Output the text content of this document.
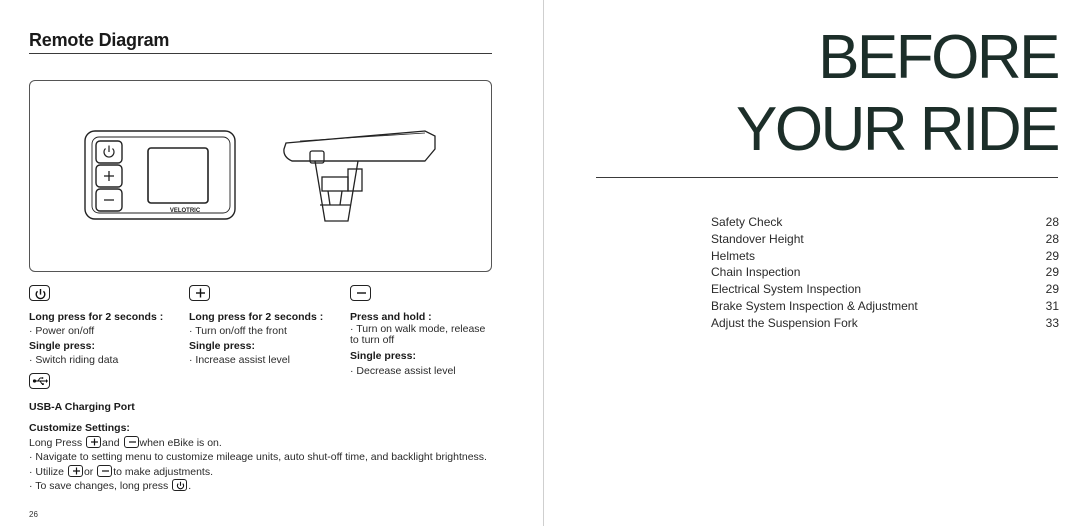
Remote Diagram
VELOTRIC
Long press for 2 seconds :
· Power on/off
Single press:
· Switch riding data
Long press for 2 seconds :
· Turn on/off the front
Single press:
· Increase assist level
Press and hold :
· Turn on walk mode, release
to turn off
Single press:
· Decrease assist level
USB-A Charging Port
Customize Settings:
Long Press and when eBike is on.
· Navigate to setting menu to customize mileage units, auto shut-off time, and backlight brightness.
· Utilize or to make adjustments.
· To save changes, long press .
26
BEFORE
YOUR RIDE
Safety Check	28
Standover Height	28
Helmets	29
Chain Inspection	29
Electrical System Inspection	29
Brake System Inspection & Adjustment	31
Adjust the Suspension Fork	33
